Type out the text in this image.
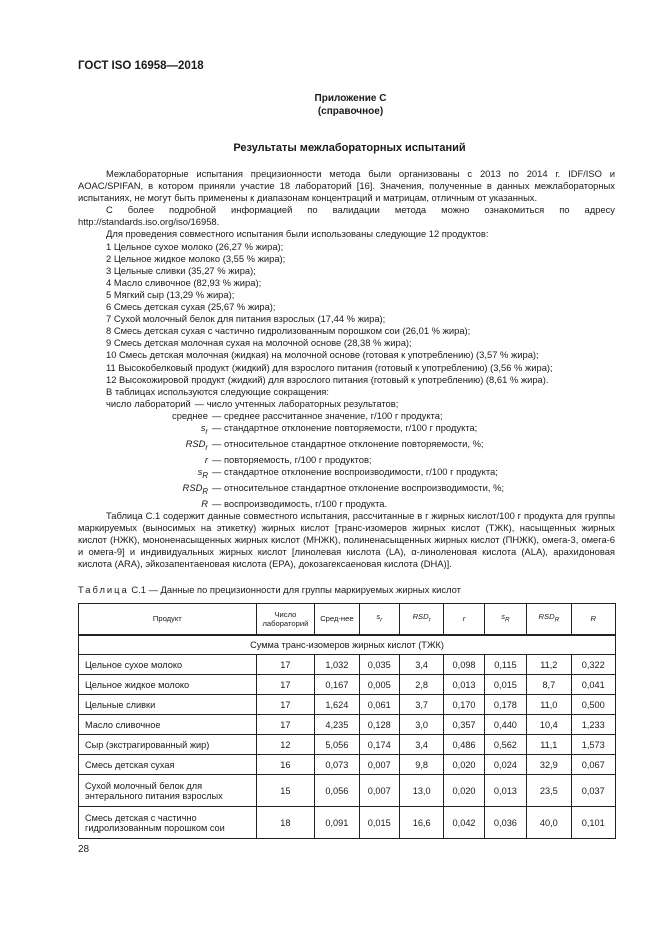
ГОСТ ISO 16958—2018
Приложение С
(справочное)
Результаты межлабораторных испытаний

Межлабораторные испытания прецизионности метода были организованы с 2013 по 2014 г. IDF/ISO и AOAC/SPIFAN, в котором приняли участие 18 лабораторий [16]. Значения, полученные в данных межлабораторных испытаниях, не могут быть применены к диапазонам концентраций и матрицам, отличным от указанных.

С более подробной информацией по валидации метода можно ознакомиться по адресу http://standards.iso.org/iso/16958.

Для проведения совместного испытания были использованы следующие 12 продуктов:

1 Цельное сухое молоко (26,27 % жира);
2 Цельное жидкое молоко (3,55 % жира);
3 Цельные сливки (35,27 % жира);
4 Масло сливочное (82,93 % жира);
5 Мягкий сыр (13,29 % жира);
6 Смесь детская сухая (25,67 % жира);
7 Сухой молочный белок для питания взрослых (17,44 % жира);
8 Смесь детская сухая с частично гидролизованным порошком сои (26,01 % жира);
9 Смесь детская молочная сухая на молочной основе (28,38 % жира);
10 Смесь детская молочная (жидкая) на молочной основе (готовая к употреблению) (3,57 % жира);
11 Высокобелковый продукт (жидкий) для взрослого питания (готовый к употреблению) (3,56 % жира);
12 Высокожировой продукт (жидкий) для взрослого питания (готовый к употреблению) (8,61 % жира).
В таблицах используются следующие сокращения:
число лабораторий — число учтенных лабораторных результатов;
среднее — среднее рассчитанное значение, г/100 г продукта;
$s_r$ — стандартное отклонение повторяемости, г/100 г продукта;
$RSD_r$ — относительное стандартное отклонение повторяемости, %;
r — повторяемость, г/100 г продуктов;
$s_R$ — стандартное отклонение воспроизводимости, г/100 г продукта;
$RSD_R$ — относительное стандартное отклонение воспроизводимости, %;
R — воспроизводимость, г/100 г продукта.

Таблица С.1 содержит данные совместного испытания, рассчитанные в г жирных кислот/100 г продукта для группы маркируемых (выносимых на этикетку) жирных кислот [транс-изомеров жирных кислот (ТЖК), насыщенных жирных кислот (НЖК), мононенасыщенных жирных кислот (МНЖК), полиненасыщенных жирных кислот (ПНЖК), омега-3, омега-6 и омега-9] и индивидуальных жирных кислот [линолевая кислота (LA), α-линоленовая кислота (ALA), арахидоновая кислота (ARA), эйкозапентаеновая кислота (EPA), докозагексаеновая кислота (DHA)].

Таблица С.1 — Данные по прецизионности для группы маркируемых жирных кислот
Продукт	Число лабораторий	Сред-нее	$s_r$	$RSD_r$	r	$s_R$	$RSD_R$	R
Сумма транс-изомеров жирных кислот (ТЖК)								
Цельное сухое молоко	17	1,032	0,035	3,4	0,098	0,115	11,2	0,322
Цельное жидкое молоко	17	0,167	0,005	2,8	0,013	0,015	8,7	0,041
Цельные сливки	17	1,624	0,061	3,7	0,170	0,178	11,0	0,500
Масло сливочное	17	4,235	0,128	3,0	0,357	0,440	10,4	1,233
Сыр (экстрагированный жир)	12	5,056	0,174	3,4	0,486	0,562	11,1	1,573
Смесь детская сухая	16	0,073	0,007	9,8	0,020	0,024	32,9	0,067
Сухой молочный белок для энтерального питания взрослых	15	0,056	0,007	13,0	0,020	0,013	23,5	0,037
Смесь детская с частично гидролизованным порошком сои	18	0,091	0,015	16,6	0,042	0,036	40,0	0,101
28
